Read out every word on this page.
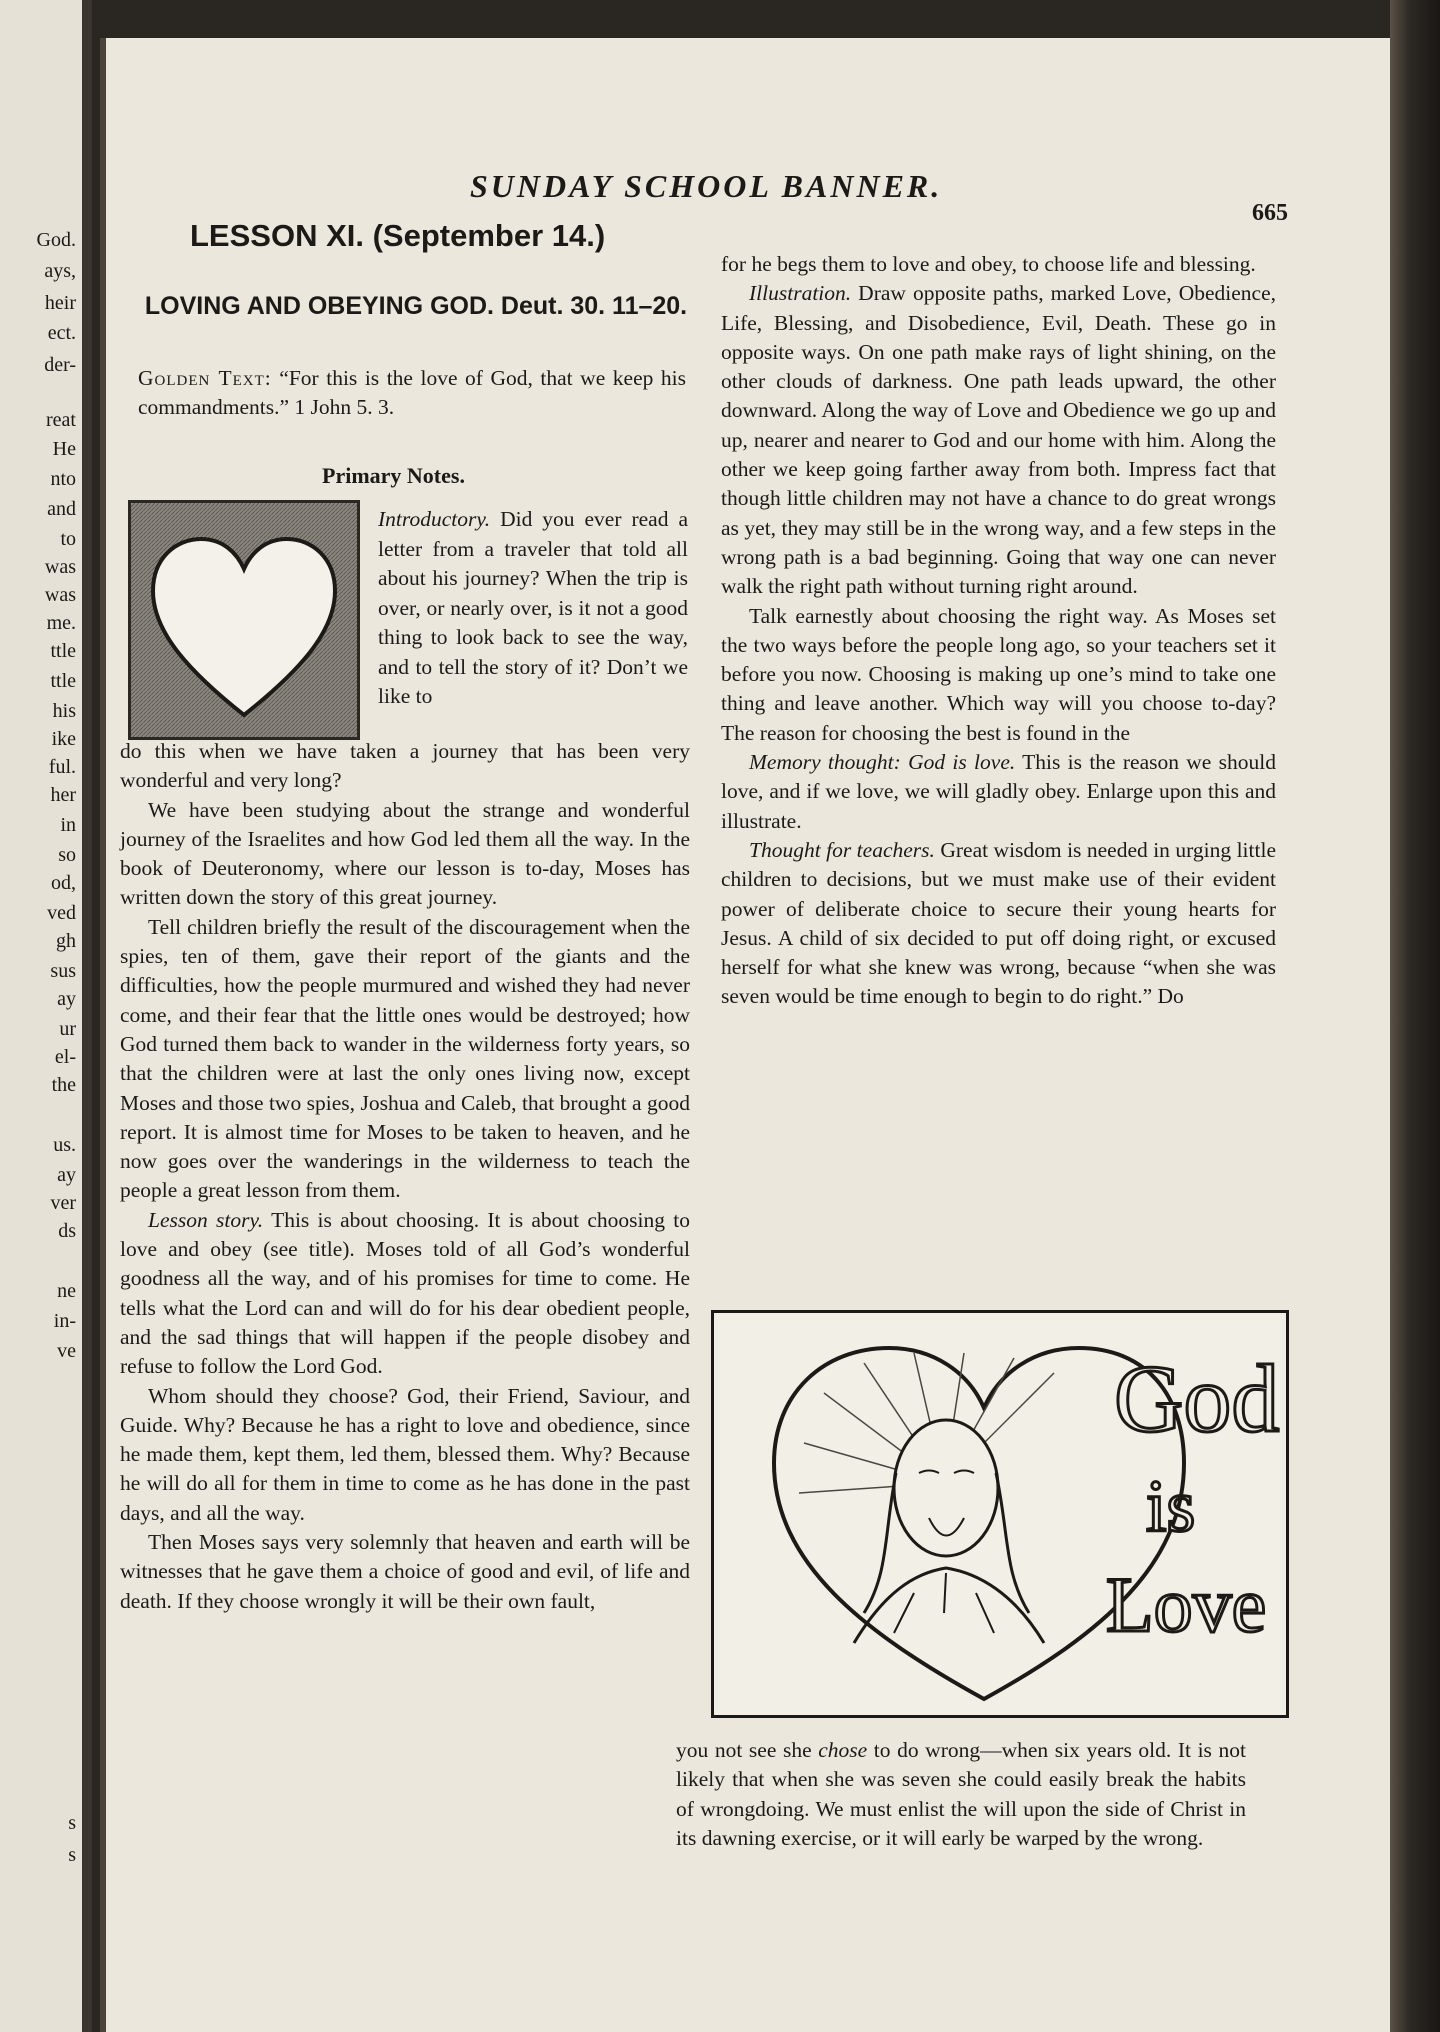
God.
ays,
heir
ect.
der-
reat
He
nto
and
to
was
was
me.
ttle
ttle
his
ike
ful.
her
in
so
od,
ved
gh
sus
ay
ur
el-
the
us.
ay
ver
ds
ne
in-
ve
s
s
SUNDAY SCHOOL BANNER.
665
LESSON XI. (September 14.)
LOVING AND OBEYING GOD. Deut. 30. 11–20.
Golden Text: “For this is the love of God, that we keep his commandments.” 1 John 5. 3.
Primary Notes.
Introductory. Did you ever read a letter from a traveler that told all about his journey? When the trip is over, or nearly over, is it not a good thing to look back to see the way, and to tell the story of it? Don’t we like to

do this when we have taken a journey that has been very wonderful and very long?

We have been studying about the strange and wonderful journey of the Israelites and how God led them all the way. In the book of Deuteronomy, where our lesson is to-day, Moses has written down the story of this great journey.

Tell children briefly the result of the discouragement when the spies, ten of them, gave their report of the giants and the difficulties, how the people murmured and wished they had never come, and their fear that the little ones would be destroyed; how God turned them back to wander in the wilderness forty years, so that the children were at last the only ones living now, except Moses and those two spies, Joshua and Caleb, that brought a good report. It is almost time for Moses to be taken to heaven, and he now goes over the wanderings in the wilderness to teach the people a great lesson from them.

Lesson story. This is about choosing. It is about choosing to love and obey (see title). Moses told of all God’s wonderful goodness all the way, and of his promises for time to come. He tells what the Lord can and will do for his dear obedient people, and the sad things that will happen if the people disobey and refuse to follow the Lord God.

Whom should they choose? God, their Friend, Saviour, and Guide. Why? Because he has a right to love and obedience, since he made them, kept them, led them, blessed them. Why? Because he will do all for them in time to come as he has done in the past days, and all the way.

Then Moses says very solemnly that heaven and earth will be witnesses that he gave them a choice of good and evil, of life and death. If they choose wrongly it will be their own fault,

for he begs them to love and obey, to choose life and blessing.

Illustration. Draw opposite paths, marked Love, Obedience, Life, Blessing, and Disobedience, Evil, Death. These go in opposite ways. On one path make rays of light shining, on the other clouds of darkness. One path leads upward, the other downward. Along the way of Love and Obedience we go up and up, nearer and nearer to God and our home with him. Along the other we keep going farther away from both. Impress fact that though little children may not have a chance to do great wrongs as yet, they may still be in the wrong way, and a few steps in the wrong path is a bad beginning. Going that way one can never walk the right path without turning right around.

Talk earnestly about choosing the right way. As Moses set the two ways before the people long ago, so your teachers set it before you now. Choosing is making up one’s mind to take one thing and leave another. Which way will you choose to-day? The reason for choosing the best is found in the

Memory thought: God is love. This is the reason we should love, and if we love, we will gladly obey. Enlarge upon this and illustrate.

Thought for teachers. Great wisdom is needed in urging little children to decisions, but we must make use of their evident power of deliberate choice to secure their young hearts for Jesus. A child of six decided to put off doing right, or excused herself for what she knew was wrong, because “when she was seven would be time enough to begin to do right.” Do

God
is
Love

you not see she chose to do wrong—when six years old. It is not likely that when she was seven she could easily break the habits of wrongdoing. We must enlist the will upon the side of Christ in its dawning exercise, or it will early be warped by the wrong.
